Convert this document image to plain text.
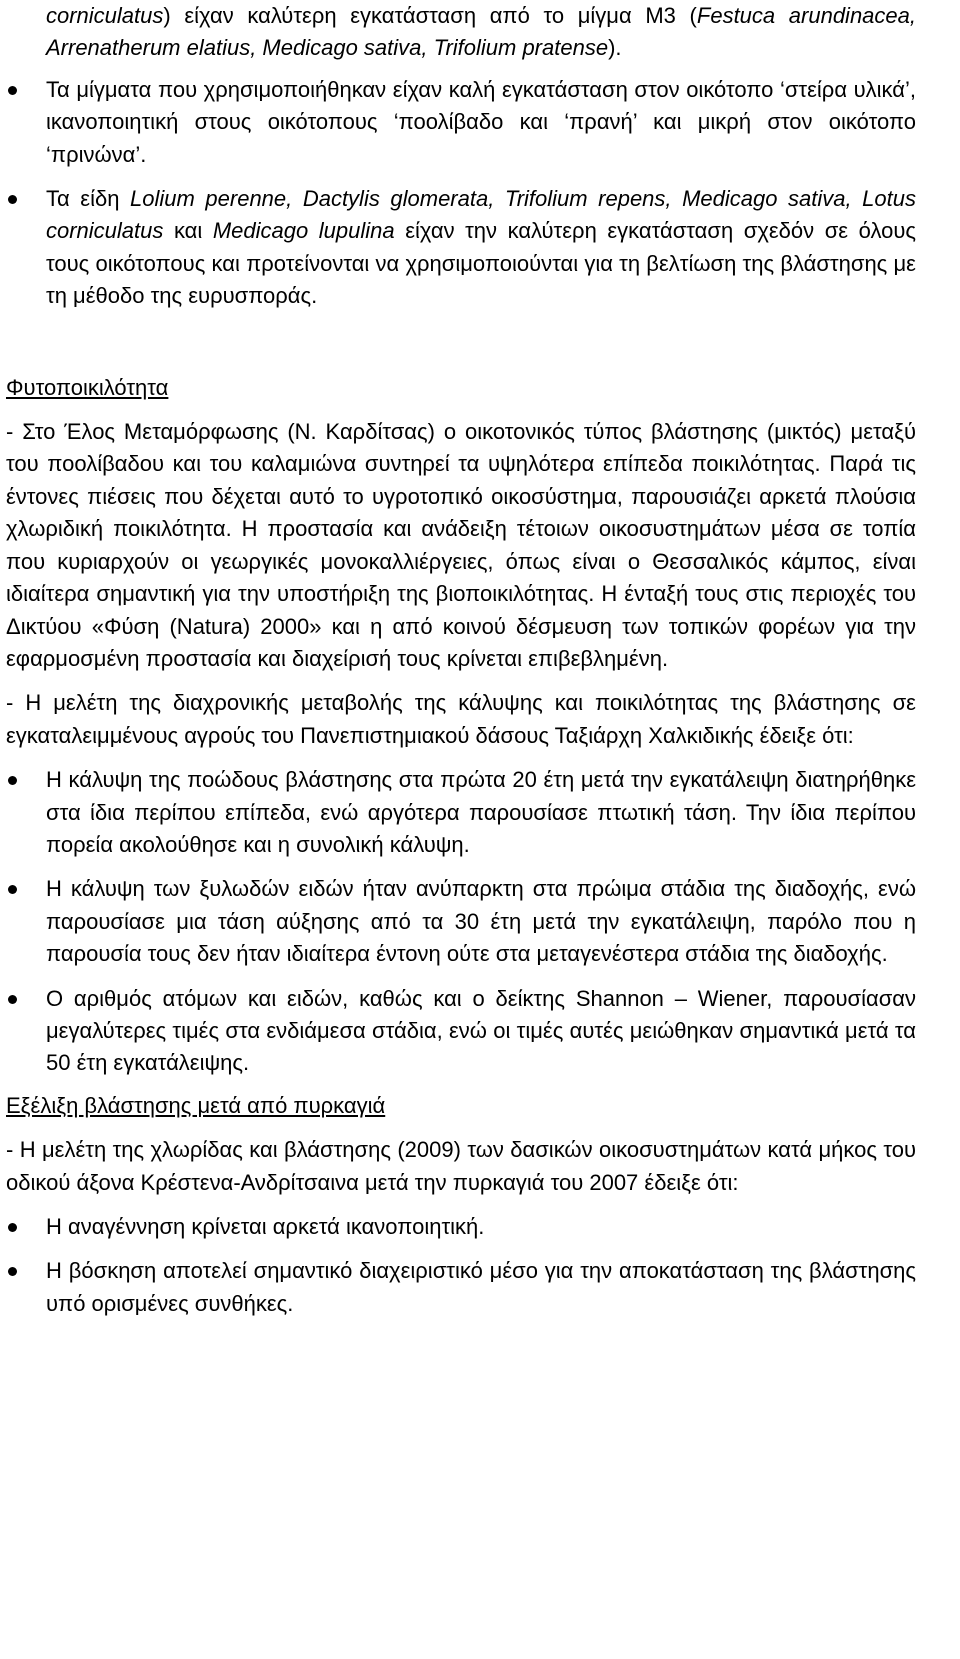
corniculatus) είχαν καλύτερη εγκατάσταση από το μίγμα Μ3 (Festuca arundinacea, Arrenatherum elatius, Medicago sativa, Trifolium pratense).

Τα μίγματα που χρησιμοποιήθηκαν είχαν καλή εγκατάσταση στον οικότοπο ‘στείρα υλικά’, ικανοποιητική στους οικότοπους ‘ποολίβαδο και ‘πρανή’ και μικρή στον οικότοπο ‘πρινώνα’.
Τα είδη Lolium perenne, Dactylis glomerata, Trifolium repens, Medicago sativa, Lotus corniculatus και Medicago lupulina είχαν την καλύτερη εγκατάσταση σχεδόν σε όλους τους οικότοπους και προτείνονται να χρησιμοποιούνται για τη βελτίωση της βλάστησης με τη μέθοδο της ευρυσποράς.
Φυτοποικιλότητα

- Στο Έλος Μεταμόρφωσης (Ν. Καρδίτσας) ο οικοτονικός τύπος βλάστησης (μικτός) μεταξύ του ποολίβαδου και του καλαμιώνα συντηρεί τα υψηλότερα επίπεδα ποικιλότητας. Παρά τις έντονες πιέσεις που δέχεται αυτό το υγροτοπικό οικοσύστημα, παρουσιάζει αρκετά πλούσια χλωριδική ποικιλότητα. Η προστασία και ανάδειξη τέτοιων οικοσυστημάτων μέσα σε τοπία που κυριαρχούν οι γεωργικές μονοκαλλιέργειες, όπως είναι ο Θεσσαλικός κάμπος, είναι ιδιαίτερα σημαντική για την υποστήριξη της βιοποικιλότητας. Η ένταξή τους στις περιοχές του Δικτύου «Φύση (Natura) 2000» και η από κοινού δέσμευση των τοπικών φορέων για την εφαρμοσμένη προστασία και διαχείρισή τους κρίνεται επιβεβλημένη.

- Η μελέτη της διαχρονικής μεταβολής της κάλυψης και ποικιλότητας της βλάστησης σε εγκαταλειμμένους αγρούς του Πανεπιστημιακού δάσους Ταξιάρχη Χαλκιδικής έδειξε ότι:

Η κάλυψη της ποώδους βλάστησης στα πρώτα 20 έτη μετά την εγκατάλειψη διατηρήθηκε στα ίδια περίπου επίπεδα, ενώ αργότερα παρουσίασε πτωτική τάση. Την ίδια περίπου πορεία ακολούθησε και η συνολική κάλυψη.
Η κάλυψη των ξυλωδών ειδών ήταν ανύπαρκτη στα πρώιμα στάδια της διαδοχής, ενώ παρουσίασε μια τάση αύξησης από τα 30 έτη μετά την εγκατάλειψη, παρόλο που η παρουσία τους δεν ήταν ιδιαίτερα έντονη ούτε στα μεταγενέστερα στάδια της διαδοχής.
Ο αριθμός ατόμων και ειδών, καθώς και ο δείκτης Shannon – Wiener, παρουσίασαν μεγαλύτερες τιμές στα ενδιάμεσα στάδια, ενώ οι τιμές αυτές μειώθηκαν σημαντικά μετά τα 50 έτη εγκατάλειψης.
Εξέλιξη βλάστησης μετά από πυρκαγιά

- Η μελέτη της χλωρίδας και βλάστησης (2009) των δασικών οικοσυστημάτων κατά μήκος του οδικού άξονα Κρέστενα-Ανδρίτσαινα μετά την πυρκαγιά του 2007 έδειξε ότι:

Η αναγέννηση κρίνεται αρκετά ικανοποιητική.
Η βόσκηση αποτελεί σημαντικό διαχειριστικό μέσο για την αποκατάσταση της βλάστησης υπό ορισμένες συνθήκες.
